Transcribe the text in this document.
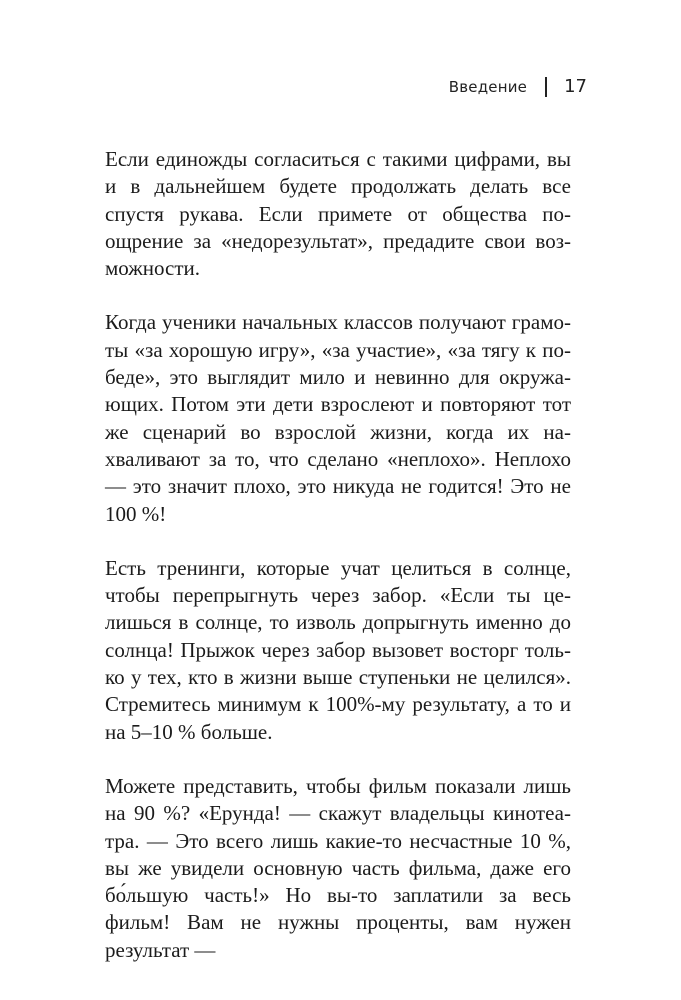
Введение 17

Если единожды согласиться с такими цифрами, вы и в дальнейшем будете продолжать делать все спустя рукава. Если примете от общества поощрение за «недорезультат», предадите свои возможности.

Когда ученики начальных классов получают грамоты «за хорошую игру», «за участие», «за тягу к победе», это выглядит мило и невинно для окружающих. Потом эти дети взрослеют и повторяют тот же сценарий во взрослой жизни, когда их нахваливают за то, что сделано «неплохо». Неплохо — это значит плохо, это никуда не годится! Это не 100 %!

Есть тренинги, которые учат целиться в солнце, чтобы перепрыгнуть через забор. «Если ты целишься в солнце, то изволь допрыгнуть именно до солнца! Прыжок через забор вызовет восторг только у тех, кто в жизни выше ступеньки не целился». Стремитесь минимум к 100%-му результату, а то и на 5–10 % больше.

Можете представить, чтобы фильм показали лишь на 90 %? «Ерунда! — скажут владельцы кинотеатра. — Это всего лишь какие-то несчастные 10 %, вы же увидели основную часть фильма, даже его бо́льшую часть!» Но вы-то заплатили за весь фильм! Вам не нужны проценты, вам нужен результат —
